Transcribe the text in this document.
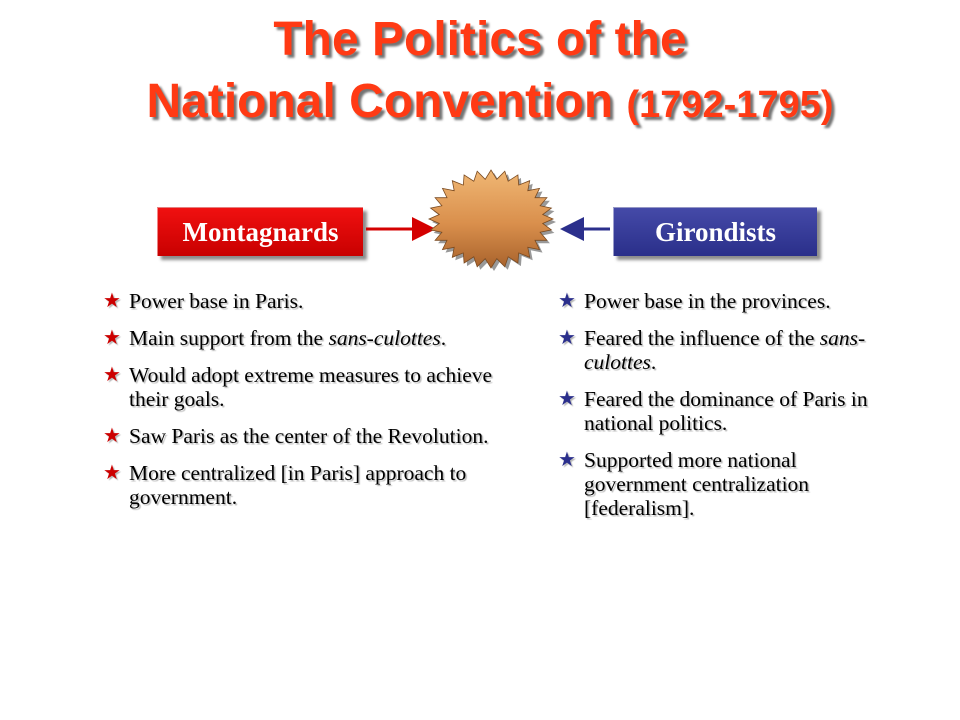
The Politics of the
National Convention (1792-1795)
Montagnards	Girondists
★ Power base in Paris.
★ Main support from the sans-culottes.
★ Would adopt extreme measures to achieve their goals.
★ Saw Paris as the center of the Revolution.
★ More centralized [in Paris] approach to government.
★ Power base in the provinces.
★ Feared the influence of the sans-culottes.
★ Feared the dominance of Paris in national politics.
★ Supported more national government centralization [federalism].
